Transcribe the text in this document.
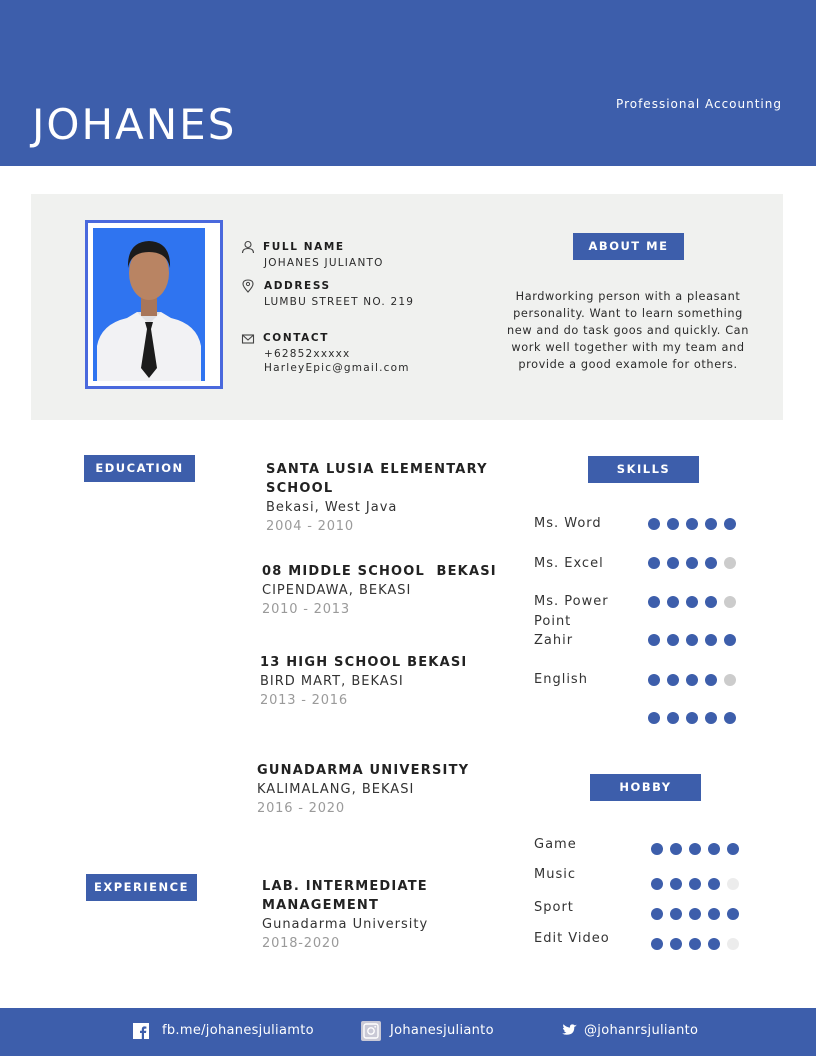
JOHANES	Professional Accounting
FULL NAME
JOHANES JULIANTO
ADDRESS
LUMBU STREET NO. 219
CONTACT
+62852xxxxx
HarleyEpic@gmail.com
ABOUT ME
Hardworking person with a pleasant
personality. Want to learn something
new and do task goos and quickly. Can
work well together with my team and
provide a good examole for others.
EDUCATION	SANTA LUSIA ELEMENTARY
SCHOOL
Bekasi, West Java
2004 - 2010
08 MIDDLE SCHOOL  BEKASI
CIPENDAWA, BEKASI
2010 - 2013
13 HIGH SCHOOL BEKASI
BIRD MART, BEKASI
2013 - 2016
GUNADARMA UNIVERSITY
KALIMALANG, BEKASI
2016 - 2020
EXPERIENCE	LAB. INTERMEDIATE
MANAGEMENT
Gunadarma University
2018-2020
SKILLS
Ms. Word
Ms. Excel
Ms. Power
Point
Zahir
English
HOBBY
Game
Music
Sport
Edit Video
fb.me/johanesjuliamto	Johanesjulianto	@johanrsjulianto
